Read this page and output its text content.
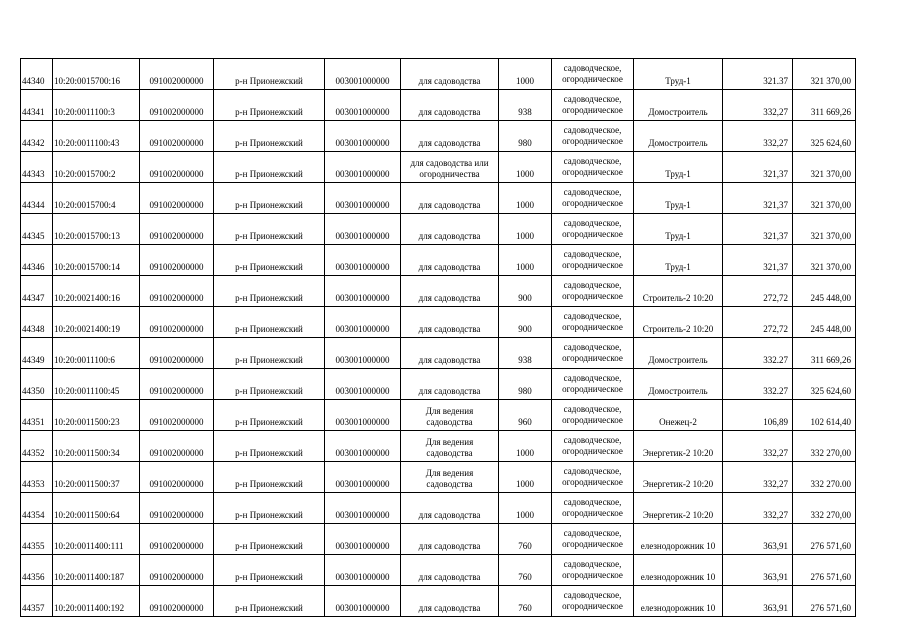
44340	10:20:0015700:16	091002000000	р-н Прионежский	003001000000	для садоводства	1000	садоводческое,
огородническое	Труд-1	321.37	321 370,00
44341	10:20:0011100:3	091002000000	р-н Прионежский	003001000000	для садоводства	938	садоводческое,
огородническое	Домостроитель	332,27	311 669,26
44342	10:20:0011100:43	091002000000	р-н Прионежский	003001000000	для садоводства	980	садоводческое,
огородническое	Домостроитель	332,27	325 624,60
44343	10:20:0015700:2	091002000000	р-н Прионежский	003001000000	для садоводства или
огородничества	1000	садоводческое,
огородническое	Труд-1	321,37	321 370,00
44344	10:20:0015700:4	091002000000	р-н Прионежский	003001000000	для садоводства	1000	садоводческое,
огородническое	Труд-1	321,37	321 370,00
44345	10:20:0015700:13	091002000000	р-н Прионежский	003001000000	для садоводства	1000	садоводческое,
огородническое	Труд-1	321,37	321 370,00
44346	10:20:0015700:14	091002000000	р-н Прионежский	003001000000	для садоводства	1000	садоводческое,
огородническое	Труд-1	321,37	321 370,00
44347	10:20:0021400:16	091002000000	р-н Прионежский	003001000000	для садоводства	900	садоводческое,
огородническое	Строитель-2 10:20	272,72	245 448,00
44348	10:20:0021400:19	091002000000	р-н Прионежский	003001000000	для садоводства	900	садоводческое,
огородническое	Строитель-2 10:20	272,72	245 448,00
44349	10:20:0011100:6	091002000000	р-н Прионежский	003001000000	для садоводства	938	садоводческое,
огородническое	Домостроитель	332.27	311 669,26
44350	10:20:0011100:45	091002000000	р-н Прионежский	003001000000	для садоводства	980	садоводческое,
огородническое	Домостроитель	332.27	325 624,60
44351	10:20:0011500:23	091002000000	р-н Прионежский	003001000000	Для ведения
садоводства	960	садоводческое,
огородническое	Онежец-2	106,89	102 614,40
44352	10:20:0011500:34	091002000000	р-н Прионежский	003001000000	Для ведения
садоводства	1000	садоводческое,
огородническое	Энергетик-2 10:20	332,27	332 270,00
44353	10:20:0011500:37	091002000000	р-н Прионежский	003001000000	Для ведения
садоводства	1000	садоводческое,
огородническое	Энергетик-2 10:20	332,27	332 270.00
44354	10:20:0011500:64	091002000000	р-н Прионежский	003001000000	для садоводства	1000	садоводческое,
огородническое	Энергетик-2 10:20	332,27	332 270,00
44355	10:20:0011400:111	091002000000	р-н Прионежский	003001000000	для садоводства	760	садоводческое,
огородническое	елезнодорожник 10	363,91	276 571,60
44356	10:20:0011400:187	091002000000	р-н Прионежский	003001000000	для садоводства	760	садоводческое,
огородническое	елезнодорожник 10	363,91	276 571,60
44357	10:20:0011400:192	091002000000	р-н Прионежский	003001000000	для садоводства	760	садоводческое,
огородническое	елезнодорожник 10	363,91	276 571,60
